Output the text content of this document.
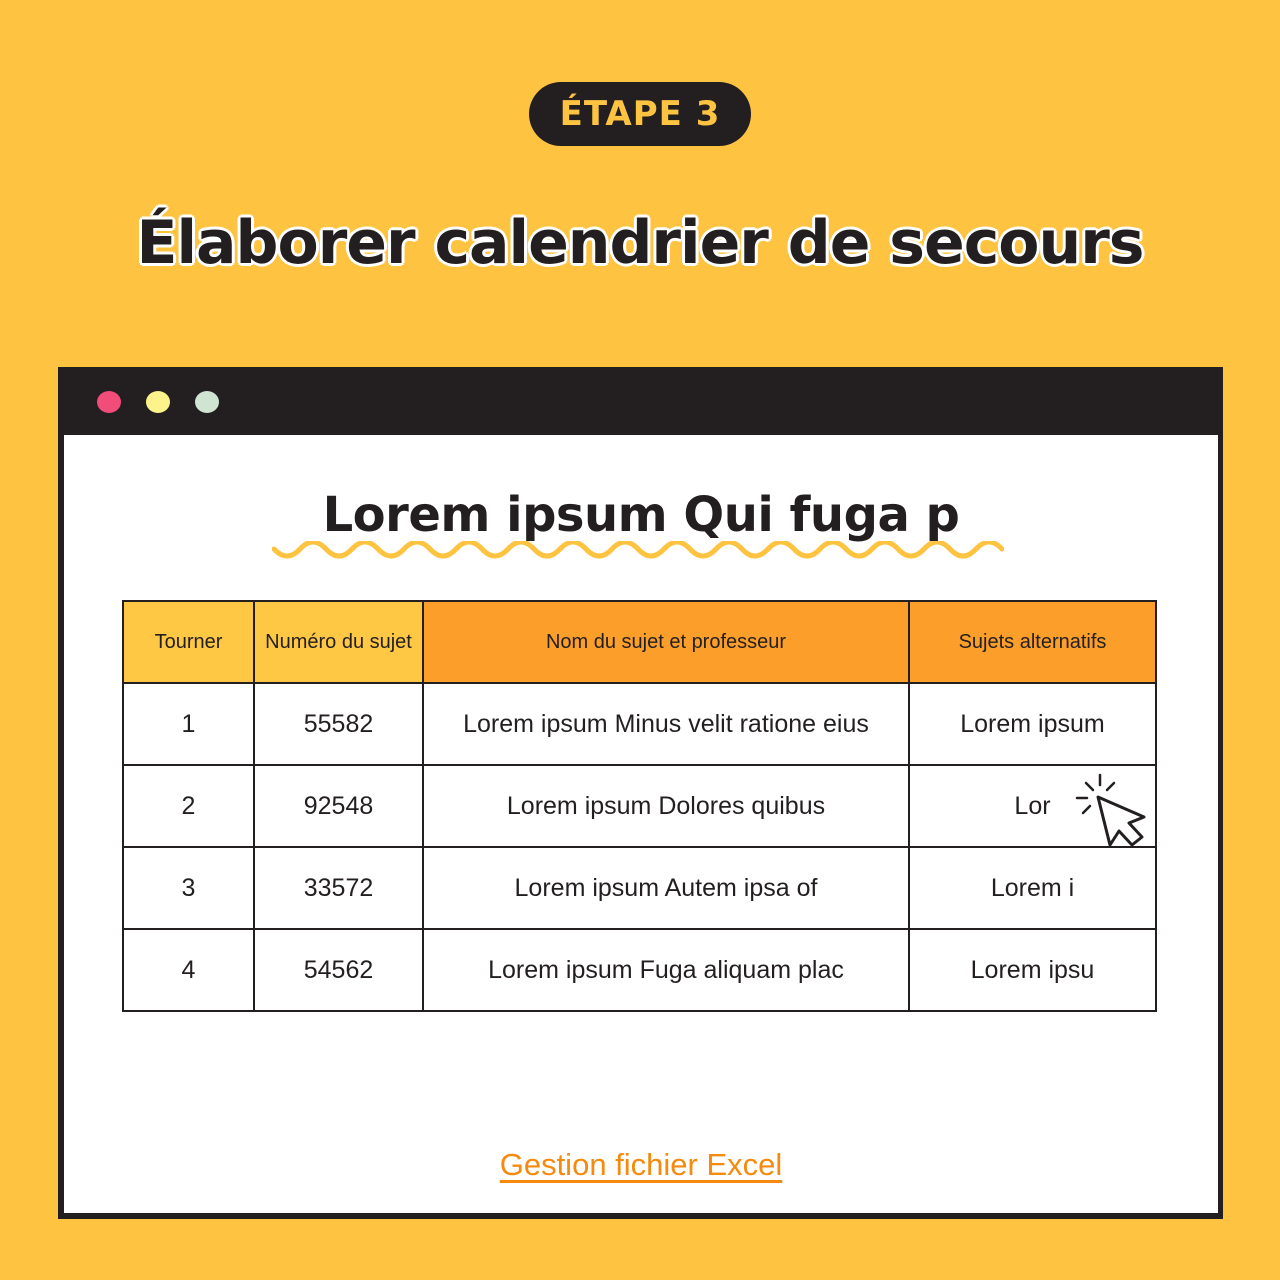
ÉTAPE 3
Élaborer calendrier de secours
Lorem ipsum Qui fuga p
Tourner	Numéro du sujet	Nom du sujet et professeur	Sujets alternatifs
1	55582	Lorem ipsum Minus velit ratione eius	Lorem ipsum
2	92548	Lorem ipsum Dolores quibus	Lor
3	33572	Lorem ipsum Autem ipsa of	Lorem i
4	54562	Lorem ipsum Fuga aliquam plac	Lorem ipsu
Gestion fichier Excel
